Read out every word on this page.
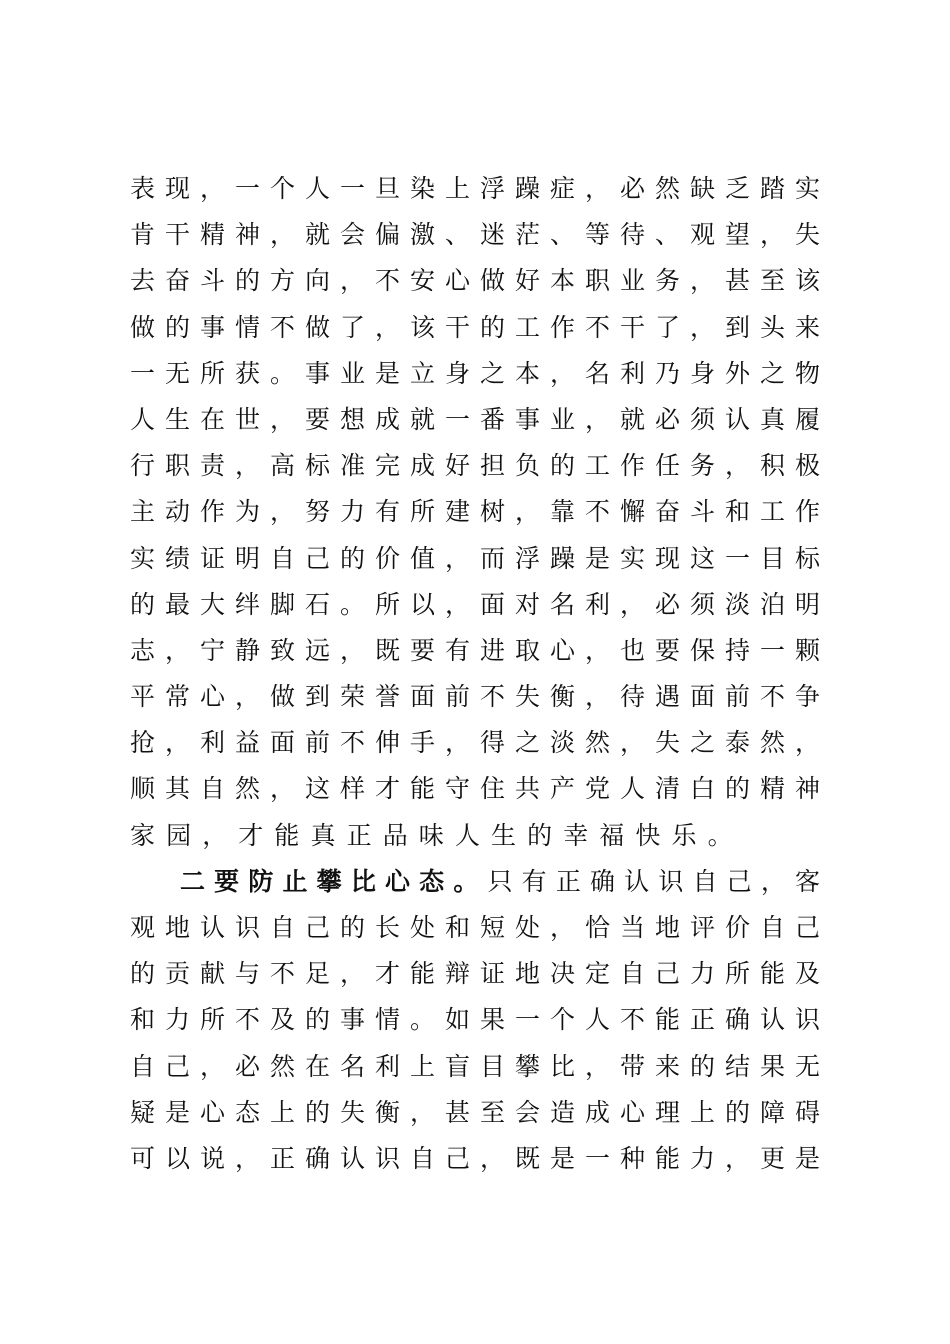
表现，一个人一旦染上浮躁症，必然缺乏踏实
肯干精神，就会偏激、迷茫、等待、观望，失
去奋斗的方向，不安心做好本职业务，甚至该
做的事情不做了，该干的工作不干了，到头来
一无所获。事业是立身之本，名利乃身外之物
人生在世，要想成就一番事业，就必须认真履
行职责，高标准完成好担负的工作任务，积极
主动作为，努力有所建树，靠不懈奋斗和工作
实绩证明自己的价值，而浮躁是实现这一目标
的最大绊脚石。所以，面对名利，必须淡泊明
志，宁静致远，既要有进取心，也要保持一颗
平常心，做到荣誉面前不失衡，待遇面前不争
抢，利益面前不伸手，得之淡然，失之泰然，
顺其自然，这样才能守住共产党人清白的精神
家园，才能真正品味人生的幸福快乐。
二要防止攀比心态。只有正确认识自己，客
观地认识自己的长处和短处，恰当地评价自己
的贡献与不足，才能辩证地决定自己力所能及
和力所不及的事情。如果一个人不能正确认识
自己，必然在名利上盲目攀比，带来的结果无
疑是心态上的失衡，甚至会造成心理上的障碍
可以说，正确认识自己，既是一种能力，更是
